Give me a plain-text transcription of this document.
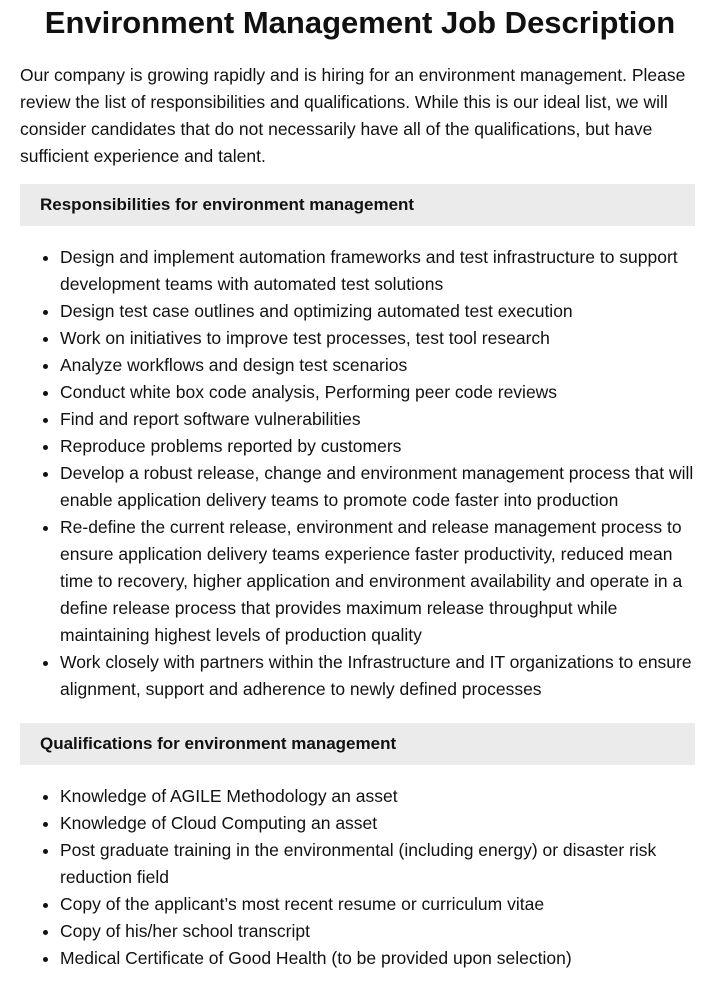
Environment Management Job Description

Our company is growing rapidly and is hiring for an environment management. Please review the list of responsibilities and qualifications. While this is our ideal list, we will consider candidates that do not necessarily have all of the qualifications, but have sufficient experience and talent.

Responsibilities for environment management
• Design and implement automation frameworks and test infrastructure to support development teams with automated test solutions
• Design test case outlines and optimizing automated test execution
• Work on initiatives to improve test processes, test tool research
• Analyze workflows and design test scenarios
• Conduct white box code analysis, Performing peer code reviews
• Find and report software vulnerabilities
• Reproduce problems reported by customers
• Develop a robust release, change and environment management process that will enable application delivery teams to promote code faster into production
• Re-define the current release, environment and release management process to ensure application delivery teams experience faster productivity, reduced mean time to recovery, higher application and environment availability and operate in a define release process that provides maximum release throughput while maintaining highest levels of production quality
• Work closely with partners within the Infrastructure and IT organizations to ensure alignment, support and adherence to newly defined processes
Qualifications for environment management
• Knowledge of AGILE Methodology an asset
• Knowledge of Cloud Computing an asset
• Post graduate training in the environmental (including energy) or disaster risk reduction field
• Copy of the applicant’s most recent resume or curriculum vitae
• Copy of his/her school transcript
• Medical Certificate of Good Health (to be provided upon selection)
